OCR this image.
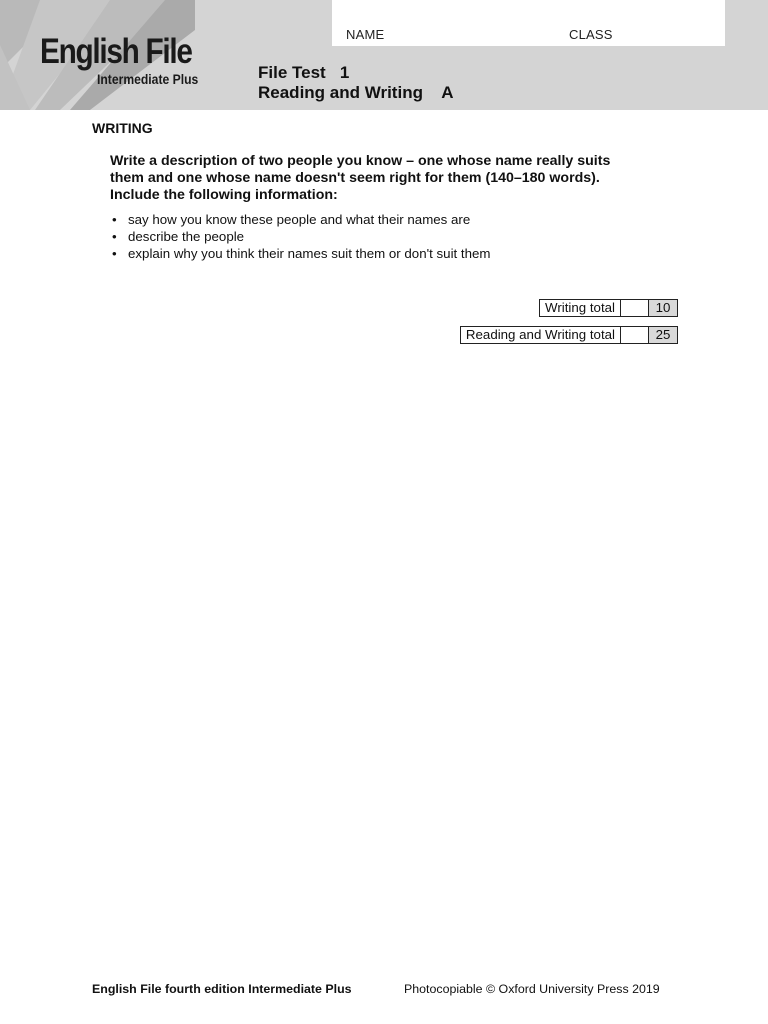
NAME	CLASS
English File
Intermediate Plus	File Test   1
Reading and Writing    A
WRITING
Write a description of two people you know – one whose name really suits
them and one whose name doesn't seem right for them (140–180 words).
Include the following information:
• say how you know these people and what their names are
• describe the people
• explain why you think their names suit them or don't suit them
Writing total	10
Reading and Writing total	25
English File fourth edition Intermediate Plus	Photocopiable © Oxford University Press 2019
